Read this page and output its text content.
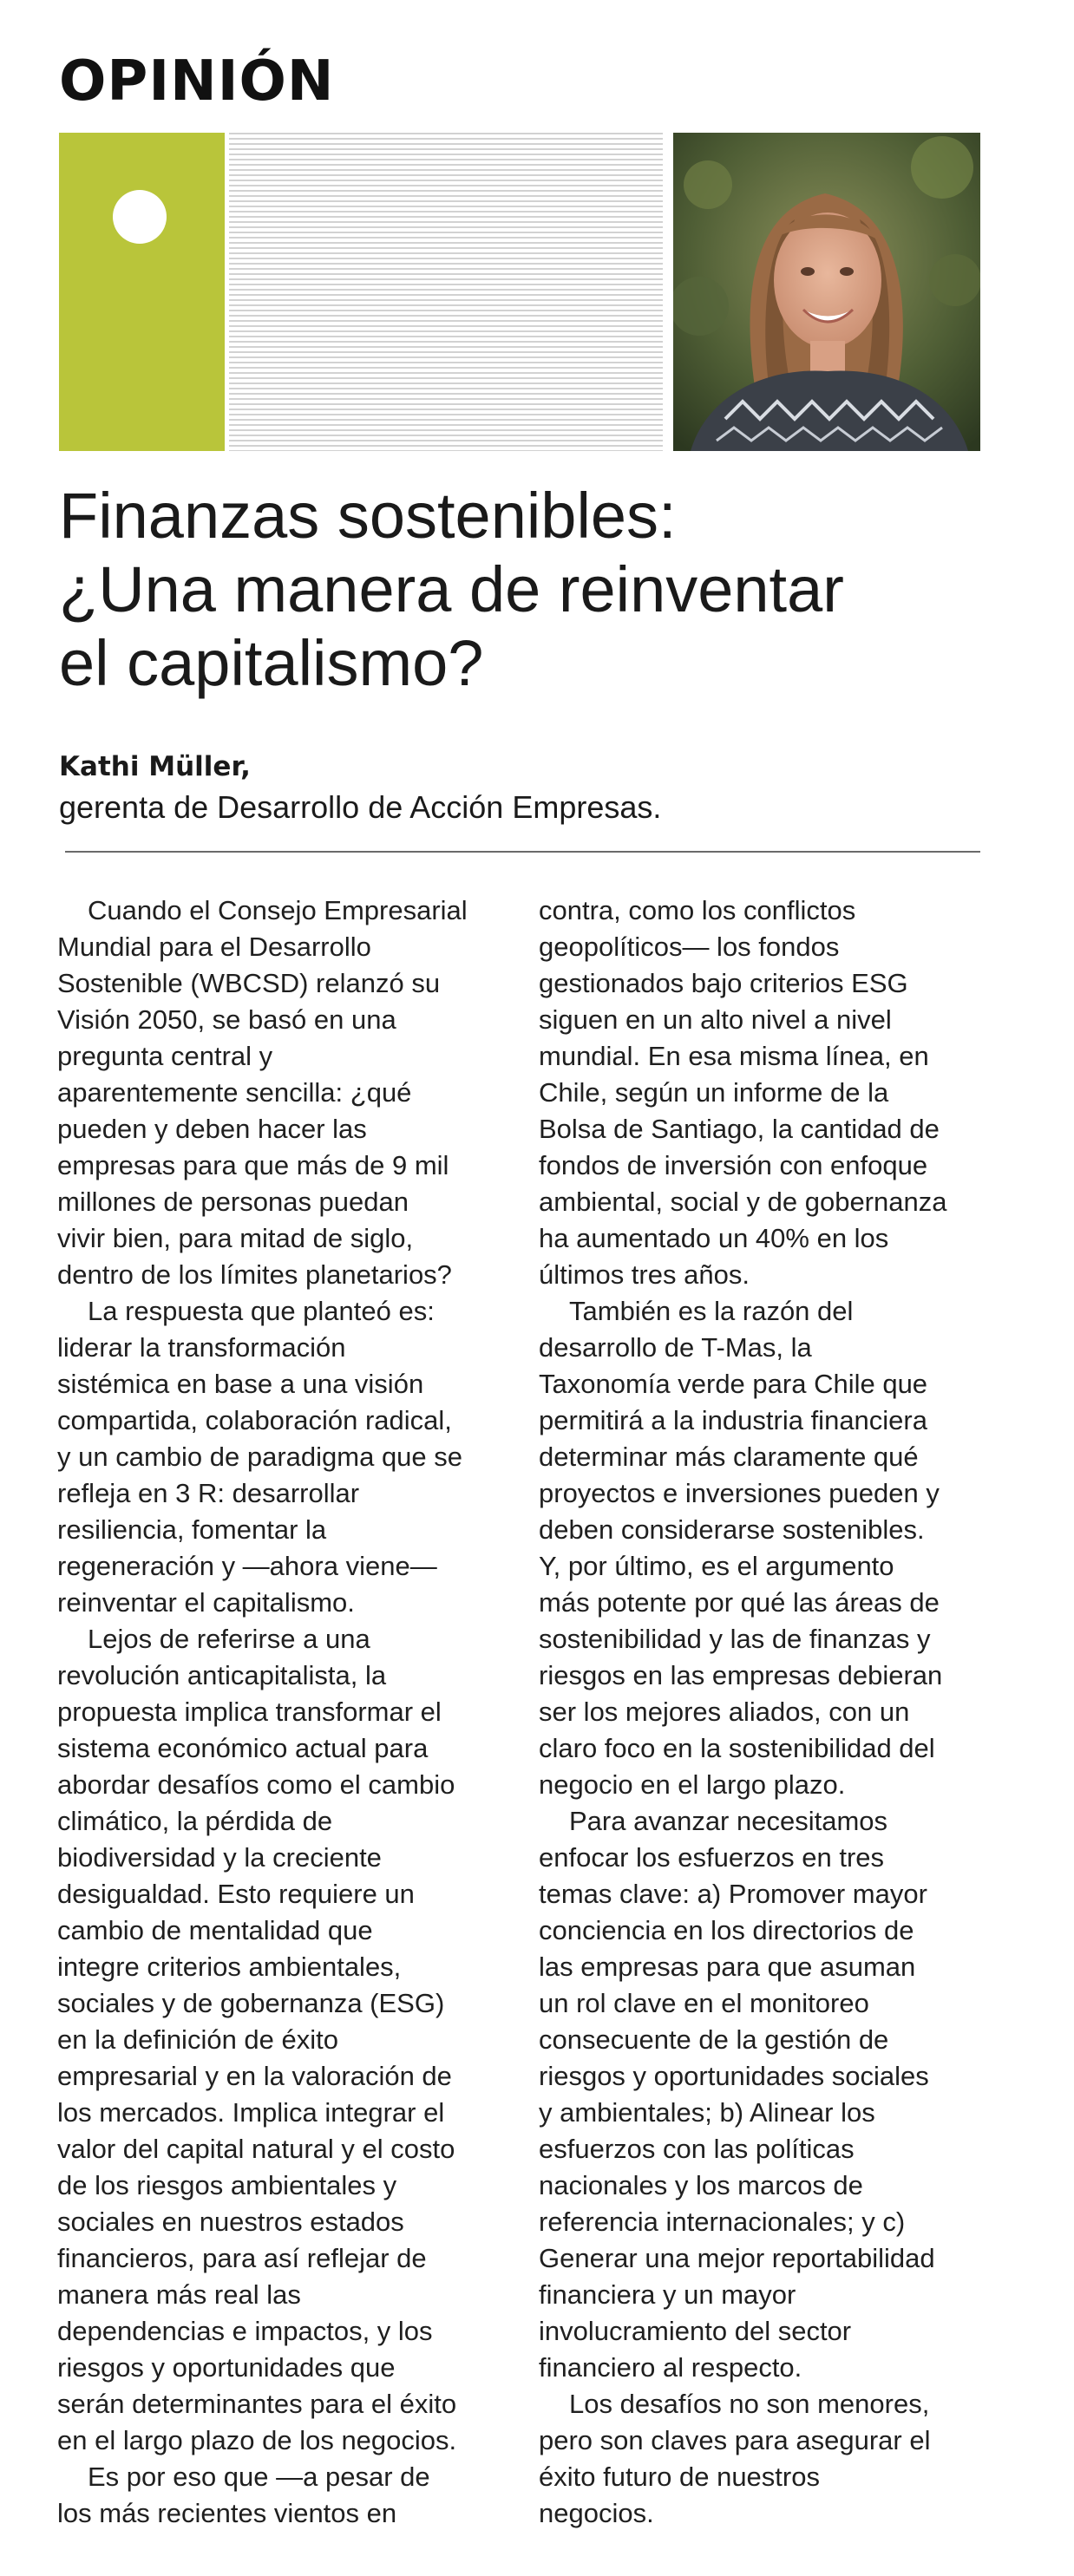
OPINIÓN
Finanzas sostenibles:
¿Una manera de reinventar
el capitalismo?
Kathi Müller,
gerenta de Desarrollo de Acción Empresas.
Cuando el Consejo Empresarial
Mundial para el Desarrollo
Sostenible (WBCSD) relanzó su
Visión 2050, se basó en una
pregunta central y
aparentemente sencilla: ¿qué
pueden y deben hacer las
empresas para que más de 9 mil
millones de personas puedan
vivir bien, para mitad de siglo,
dentro de los límites planetarios?
La respuesta que planteó es:
liderar la transformación
sistémica en base a una visión
compartida, colaboración radical,
y un cambio de paradigma que se
refleja en 3 R: desarrollar
resiliencia, fomentar la
regeneración y —ahora viene—
reinventar el capitalismo.
Lejos de referirse a una
revolución anticapitalista, la
propuesta implica transformar el
sistema económico actual para
abordar desafíos como el cambio
climático, la pérdida de
biodiversidad y la creciente
desigualdad. Esto requiere un
cambio de mentalidad que
integre criterios ambientales,
sociales y de gobernanza (ESG)
en la definición de éxito
empresarial y en la valoración de
los mercados. Implica integrar el
valor del capital natural y el costo
de los riesgos ambientales y
sociales en nuestros estados
financieros, para así reflejar de
manera más real las
dependencias e impactos, y los
riesgos y oportunidades que
serán determinantes para el éxito
en el largo plazo de los negocios.
Es por eso que —a pesar de
los más recientes vientos en
contra, como los conflictos
geopolíticos— los fondos
gestionados bajo criterios ESG
siguen en un alto nivel a nivel
mundial. En esa misma línea, en
Chile, según un informe de la
Bolsa de Santiago, la cantidad de
fondos de inversión con enfoque
ambiental, social y de gobernanza
ha aumentado un 40% en los
últimos tres años.
También es la razón del
desarrollo de T-Mas, la
Taxonomía verde para Chile que
permitirá a la industria financiera
determinar más claramente qué
proyectos e inversiones pueden y
deben considerarse sostenibles.
Y, por último, es el argumento
más potente por qué las áreas de
sostenibilidad y las de finanzas y
riesgos en las empresas debieran
ser los mejores aliados, con un
claro foco en la sostenibilidad del
negocio en el largo plazo.
Para avanzar necesitamos
enfocar los esfuerzos en tres
temas clave: a) Promover mayor
conciencia en los directorios de
las empresas para que asuman
un rol clave en el monitoreo
consecuente de la gestión de
riesgos y oportunidades sociales
y ambientales; b) Alinear los
esfuerzos con las políticas
nacionales y los marcos de
referencia internacionales; y c)
Generar una mejor reportabilidad
financiera y un mayor
involucramiento del sector
financiero al respecto.
Los desafíos no son menores,
pero son claves para asegurar el
éxito futuro de nuestros
negocios.
